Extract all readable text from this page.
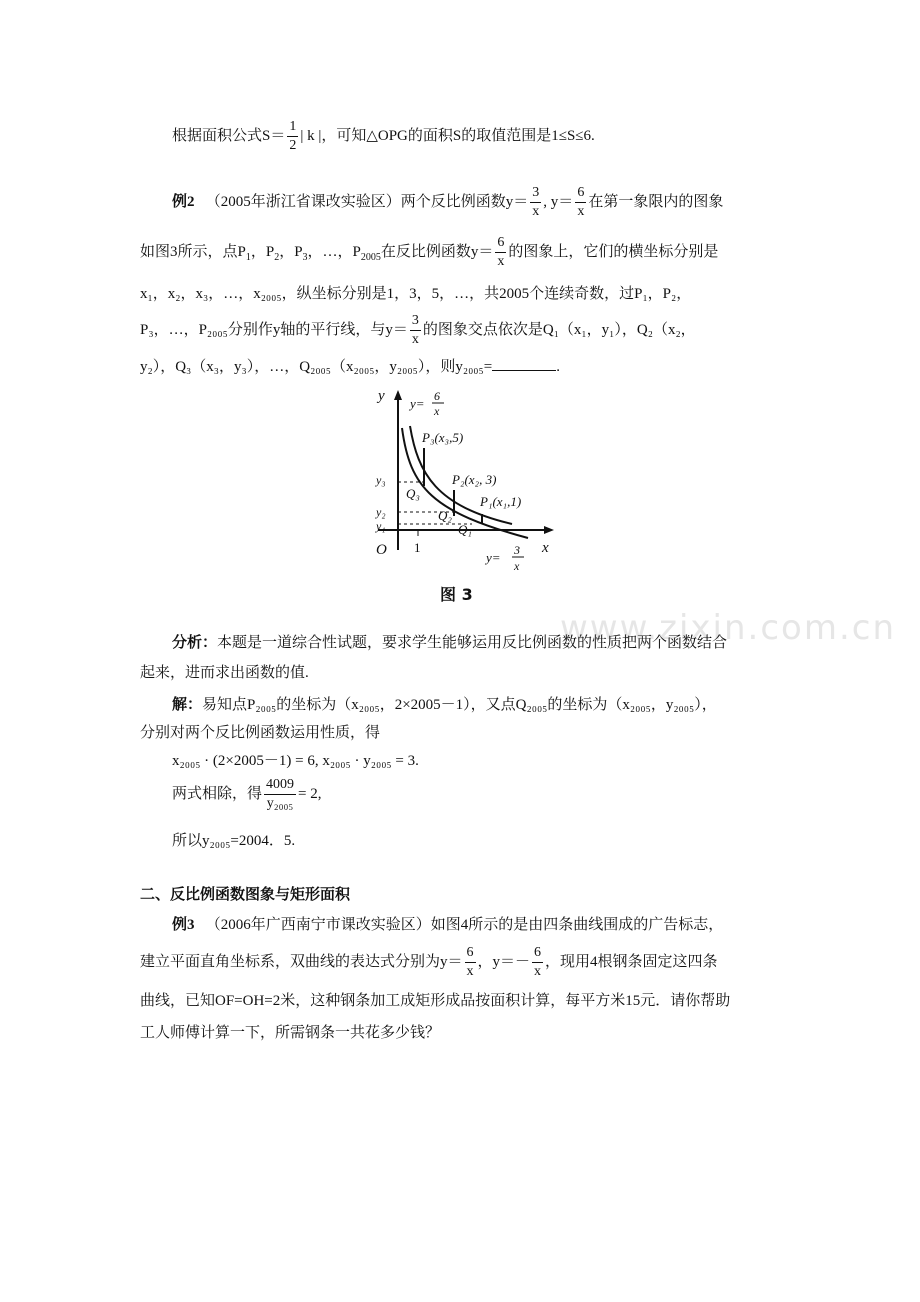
根据面积公式$S= \frac{1}{2}$ | k |，可知△OPG的面积S的取值范围是1≤S≤6.
例2 （2005年浙江省课改实验区）两个反比例函数$y= \frac{3}{x}$ , $y= \frac{6}{x}$ 在第一象限内的图象
如图3所示，点$P_1$，$P_2$，$P_3$，…，$P_{2005}$在反比例函数$y= \frac{6}{x}$ 的图象上，它们的横坐标分别是
x₁，x₂，x₃，…，x₂₀₀₅，纵坐标分别是1，3，5，…，共2005个连续奇数，过P₁，P₂，
P₃，…，P₂₀₀₅分别作y轴的平行线，与$y= \frac{3}{x}$ 的图象交点依次是Q₁（x₁，y₁），Q₂（x₂，
y₂），Q₃（x₃，y₃），…，Q₂₀₀₅（x₂₀₀₅，y₂₀₀₅），则y₂₀₀₅=	.
y
x
O
y= 6
x
y= 3
x
P₃(x₃,5)
P₂(x₂, 3)
P₁(x₁,1)
Q₃
Q₂
Q₁
y₃
y₂
y₁
1
图 3
www.zixin.com.cn
分析：本题是一道综合性试题，要求学生能够运用反比例函数的性质把两个函数结合
起来，进而求出函数的值.
解：易知点P₂₀₀₅的坐标为（x₂₀₀₅，2×2005－1），又点Q₂₀₀₅的坐标为（x₂₀₀₅，y₂₀₀₅），
分别对两个反比例函数运用性质，得
x₂₀₀₅ · (2×2005－1) = 6, x₂₀₀₅ · y₂₀₀₅ = 3.
两式相除，得 $\frac{4009}{\text{y₂₀₀₅}} = 2$,
所以y₂₀₀₅=2004．5.
二、反比例函数图象与矩形面积
例3 （2006年广西南宁市课改实验区）如图4所示的是由四条曲线围成的广告标志，
建立平面直角坐标系，双曲线的表达式分别为$y= \frac{6}{x}$ ，$y=- \frac{6}{x}$ ，现用4根钢条固定这四条
曲线，已知OF=OH=2米，这种钢条加工成矩形成品按面积计算，每平方米15元．请你帮助
工人师傅计算一下，所需钢条一共花多少钱？
